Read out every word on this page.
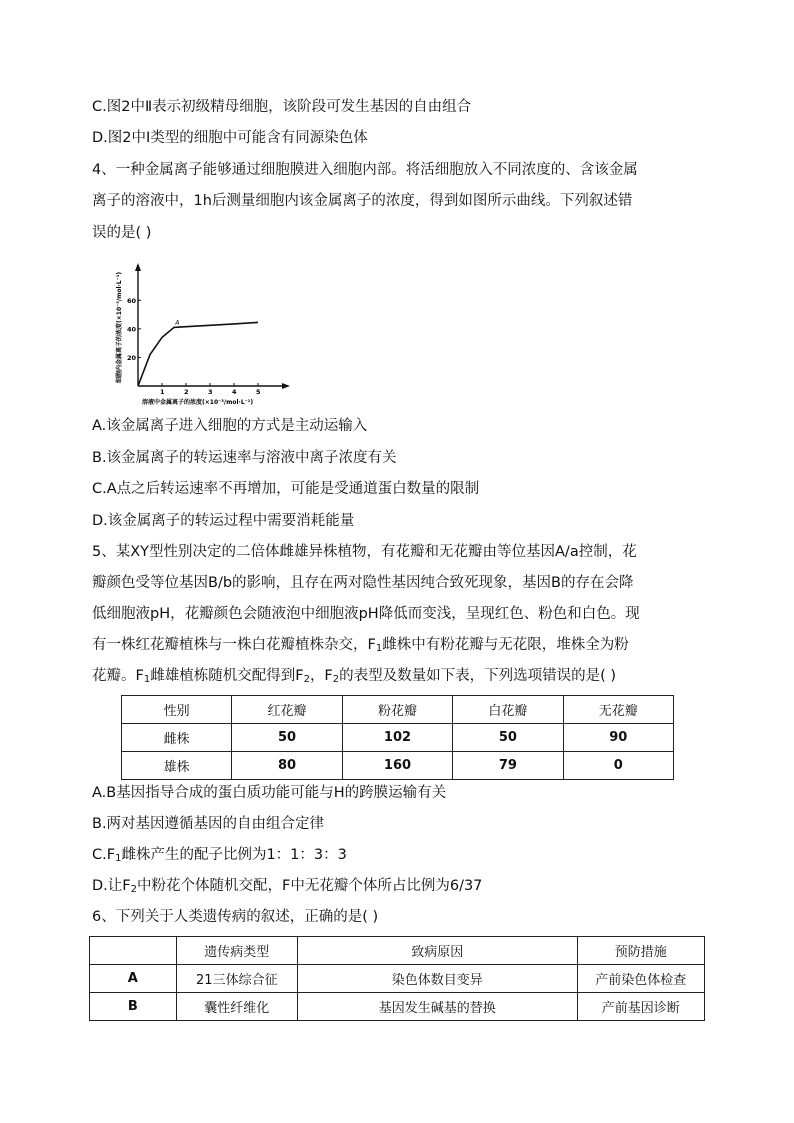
C.图2中Ⅱ表示初级精母细胞，该阶段可发生基因的自由组合
D.图2中Ⅰ类型的细胞中可能含有同源染色体
4、一种金属离子能够通过细胞膜进入细胞内部。将活细胞放入不同浓度的、含该金属
离子的溶液中，1h后测量细胞内该金属离子的浓度，得到如图所示曲线。下列叙述错
误的是( )
60
40
20
1	2	3	4	5
A
细胞内金属离子的浓度(×10⁻³/mol·L⁻¹)
溶液中金属离子的浓度(×10⁻³/mol·L⁻¹)
A.该金属离子进入细胞的方式是主动运输入
B.该金属离子的转运速率与溶液中离子浓度有关
C.A点之后转运速率不再增加，可能是受通道蛋白数量的限制
D.该金属离子的转运过程中需要消耗能量
5、某XY型性别决定的二倍体雌雄异株植物，有花瓣和无花瓣由等位基因A/a控制，花
瓣颜色受等位基因B/b的影响，且存在两对隐性基因纯合致死现象，基因B的存在会降
低细胞液pH，花瓣颜色会随液泡中细胞液pH降低而变浅，呈现红色、粉色和白色。现
有一株红花瓣植株与一株白花瓣植株杂交，$F_1$雌株中有粉花瓣与无花限，堆株全为粉
花瓣。$F_1$雌雄植栋随机交配得到$F_2$，$F_2$的表型及数量如下表，下列选项错误的是( )
性别	红花瓣	粉花瓣	白花瓣	无花瓣
雌株	50	102	50	90
雄株	80	160	79	0
A.B基因指导合成的蛋白质功能可能与H的跨膜运输有关
B.两对基因遵循基因的自由组合定律
$C.F_1$雌株产生的配子比例为1：1：3：3
D.让$F_2$中粉花个体随机交配，F中无花瓣个体所占比例为6/37
6、下列关于人类遗传病的叙述，正确的是( )
	遗传病类型	致病原因	预防措施
A	21三体综合征	染色体数目变异	产前染色体检查
B	囊性纤维化	基因发生碱基的替换	产前基因诊断
